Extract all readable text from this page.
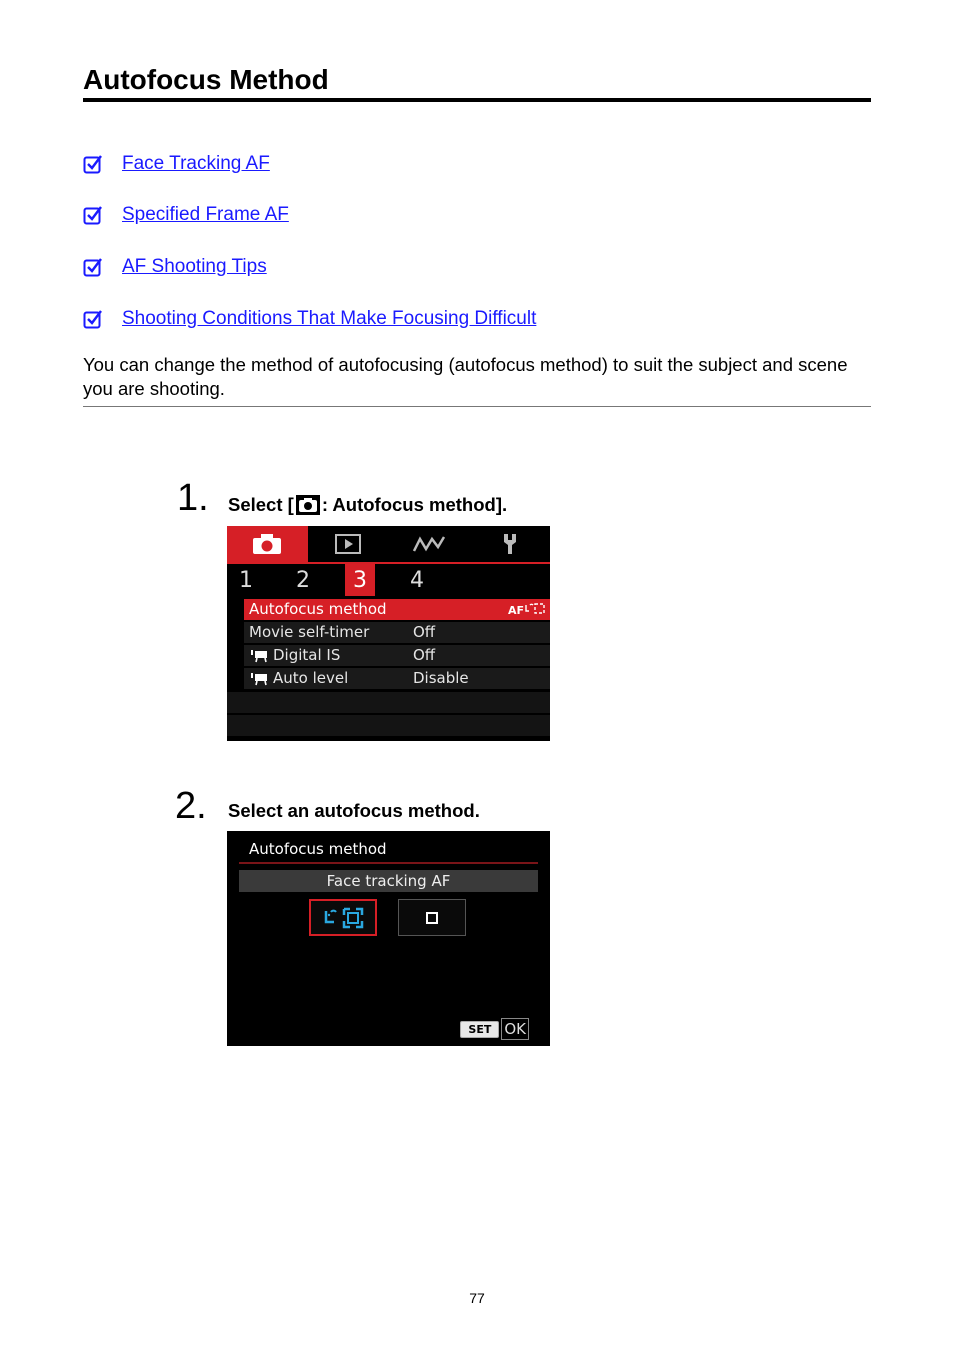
Autofocus Method
Face Tracking AF
Specified Frame AF
AF Shooting Tips
Shooting Conditions That Make Focusing Difficult
You can change the method of autofocusing (autofocus method) to suit the subject and scene you are shooting.
1. Select [ : Autofocus method].
1	2	3	4
Autofocus method	AF
Movie self-timer	Off
Digital IS	Off
Auto level	Disable
2. Select an autofocus method.
Autofocus method
Face tracking AF
SET OK
77
